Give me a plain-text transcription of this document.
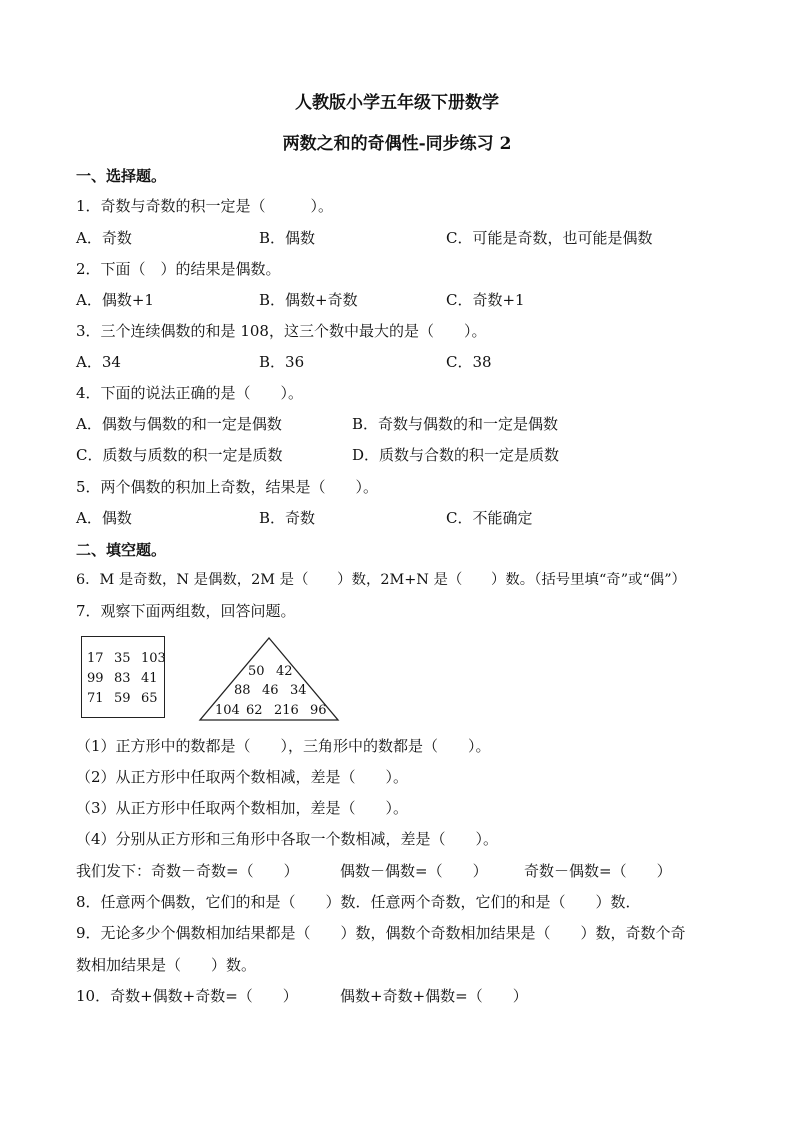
人教版小学五年级下册数学
两数之和的奇偶性-同步练习 2
一、选择题。
1．奇数与奇数的积一定是（　　　）。
A．奇数	B．偶数	C．可能是奇数，也可能是偶数
2．下面（　）的结果是偶数。
A．偶数+1	B．偶数+奇数	C．奇数+1
3．三个连续偶数的和是 108，这三个数中最大的是（　　）。
A．34	B．36	C．38
4．下面的说法正确的是（　　）。
A．偶数与偶数的和一定是偶数	B．奇数与偶数的和一定是偶数
C．质数与质数的积一定是质数	D．质数与合数的积一定是质数
5．两个偶数的积加上奇数，结果是（　　）。
A．偶数	B．奇数	C．不能确定
二、填空题。
6．M 是奇数，N 是偶数，2M 是（　　）数，2M+N 是（　　）数。（括号里填“奇”或“偶”）
7．观察下面两组数，回答问题。
17 35 103
99 83 41
71 59 65
50 42
88 46 34
104 62 216 96
（1）正方形中的数都是（　　），三角形中的数都是（　　）。
（2）从正方形中任取两个数相减，差是（　　）。
（3）从正方形中任取两个数相加，差是（　　）。
（4）分别从正方形和三角形中各取一个数相减，差是（　　）。
我们发下：奇数－奇数=（　　）	偶数－偶数=（　　） 奇数－偶数=（　　）
8．任意两个偶数，它们的和是（　　）数．任意两个奇数，它们的和是（　　）数．
9．无论多少个偶数相加结果都是（　　）数，偶数个奇数相加结果是（　　）数，奇数个奇
数相加结果是（　　）数。
10．奇数+偶数+奇数=（　　）	偶数+奇数+偶数=（　　）
